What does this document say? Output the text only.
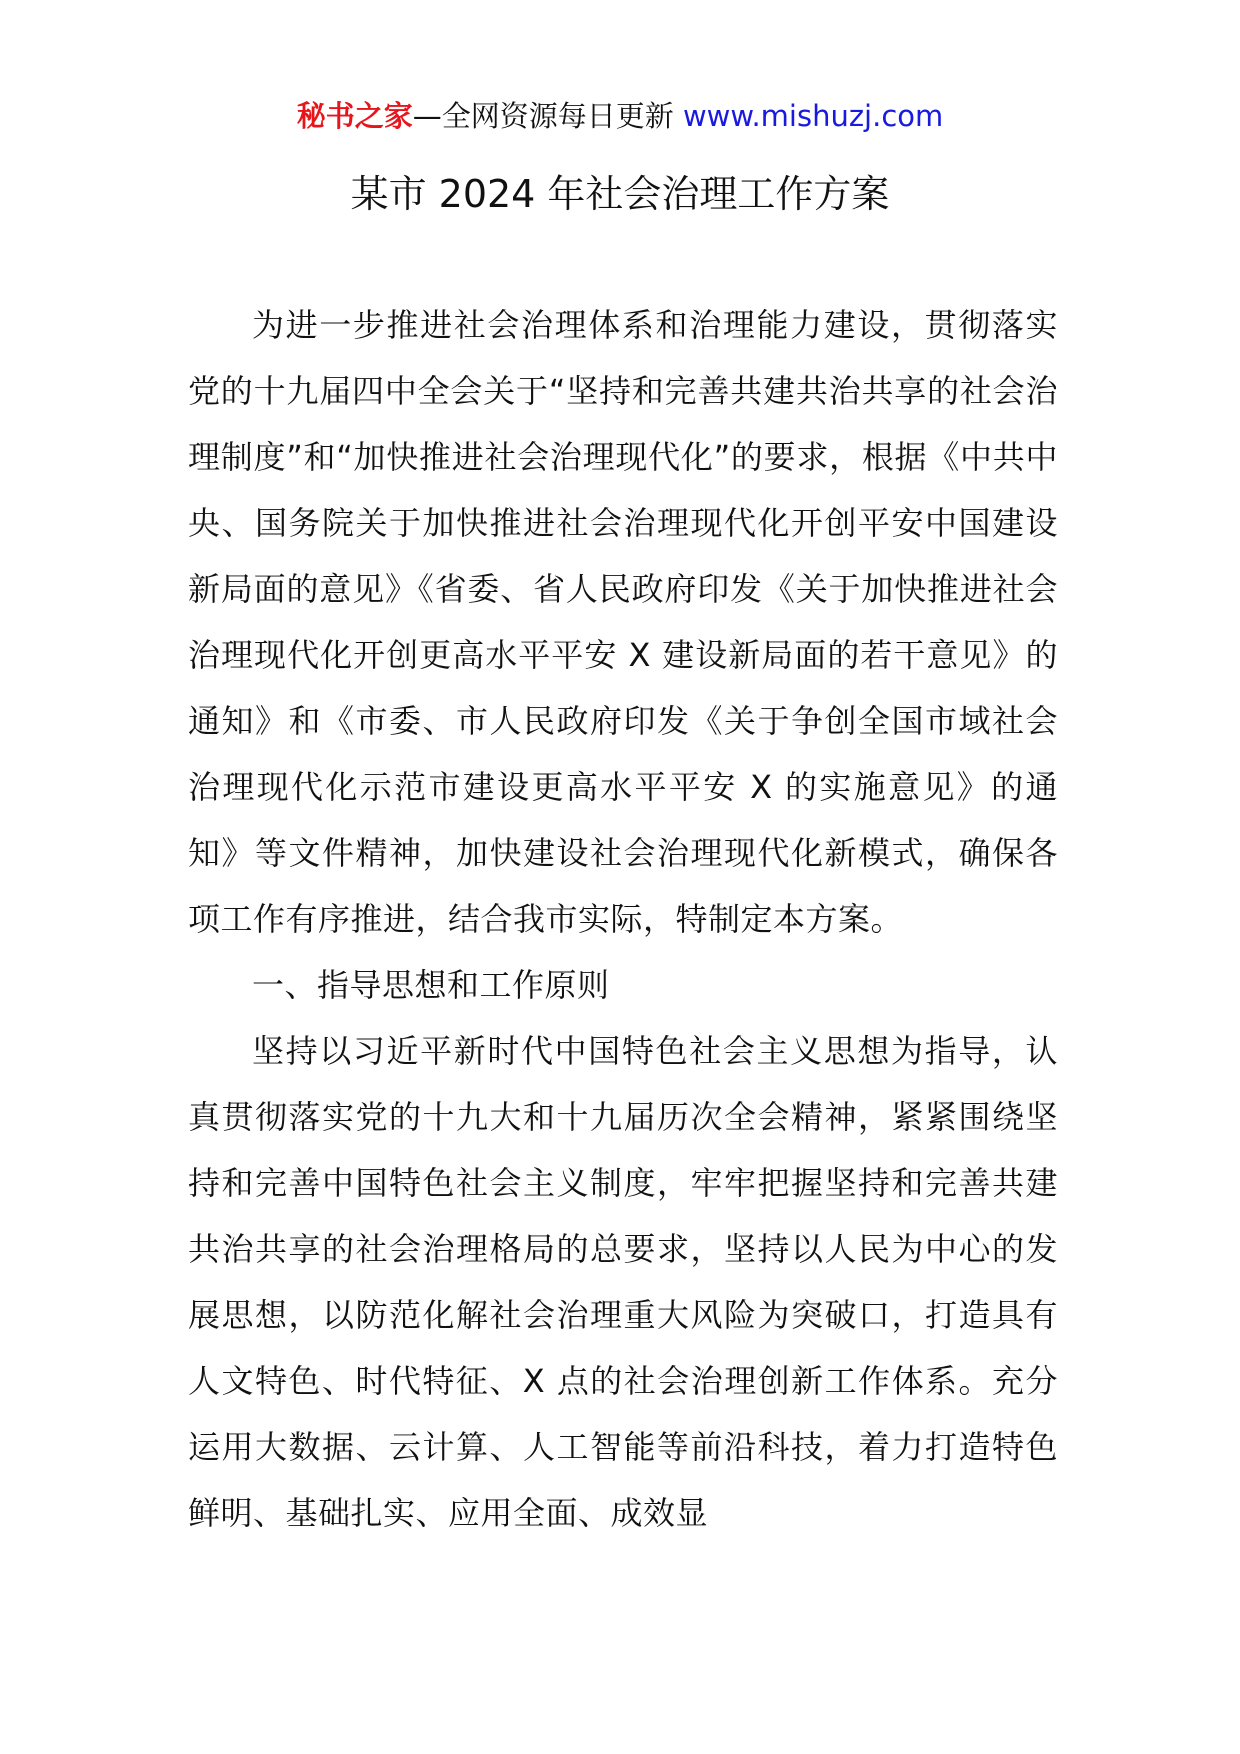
秘书之家—全网资源每日更新 www.mishuzj.com
某市 2024 年社会治理工作方案

为进一步推进社会治理体系和治理能力建设，贯彻落实党的十九届四中全会关于“坚持和完善共建共治共享的社会治理制度”和“加快推进社会治理现代化”的要求，根据《中共中央、国务院关于加快推进社会治理现代化开创平安中国建设新局面的意见》《省委、省人民政府印发《关于加快推进社会治理现代化开创更高水平平安 X 建设新局面的若干意见》的通知》和《市委、市人民政府印发《关于争创全国市域社会治理现代化示范市建设更高水平平安 X 的实施意见》的通知》等文件精神，加快建设社会治理现代化新模式，确保各项工作有序推进，结合我市实际，特制定本方案。

一、指导思想和工作原则

坚持以习近平新时代中国特色社会主义思想为指导，认真贯彻落实党的十九大和十九届历次全会精神，紧紧围绕坚持和完善中国特色社会主义制度，牢牢把握坚持和完善共建共治共享的社会治理格局的总要求，坚持以人民为中心的发展思想，以防范化解社会治理重大风险为突破口，打造具有人文特色、时代特征、X 点的社会治理创新工作体系。充分运用大数据、云计算、人工智能等前沿科技，着力打造特色鲜明、基础扎实、应用全面、成效显
